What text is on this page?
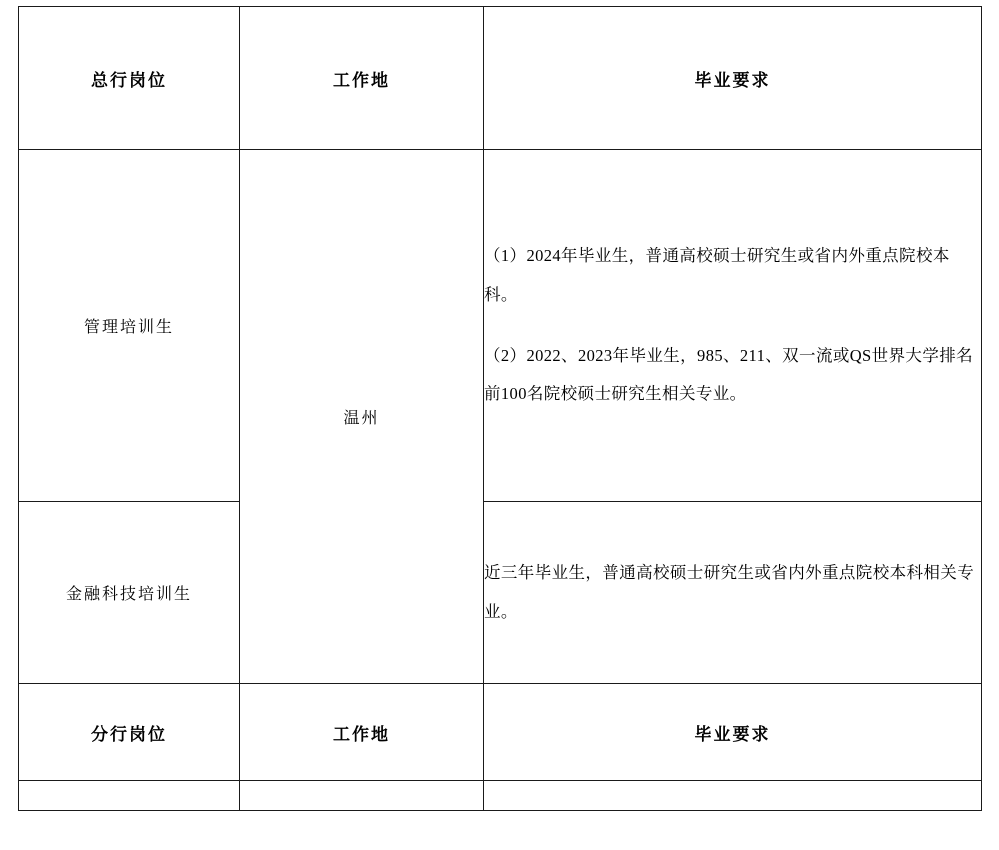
总行岗位	工作地	毕业要求
管理培训生	温州	（1）2024年毕业生，普通高校硕士研究生或省内外重点院校本科。

（2）2022、2023年毕业生，985、211、双一流或QS世界大学排名前100名院校硕士研究生相关专业。

金融科技培训生		近三年毕业生，普通高校硕士研究生或省内外重点院校本科相关专业。

分行岗位	工作地	毕业要求
